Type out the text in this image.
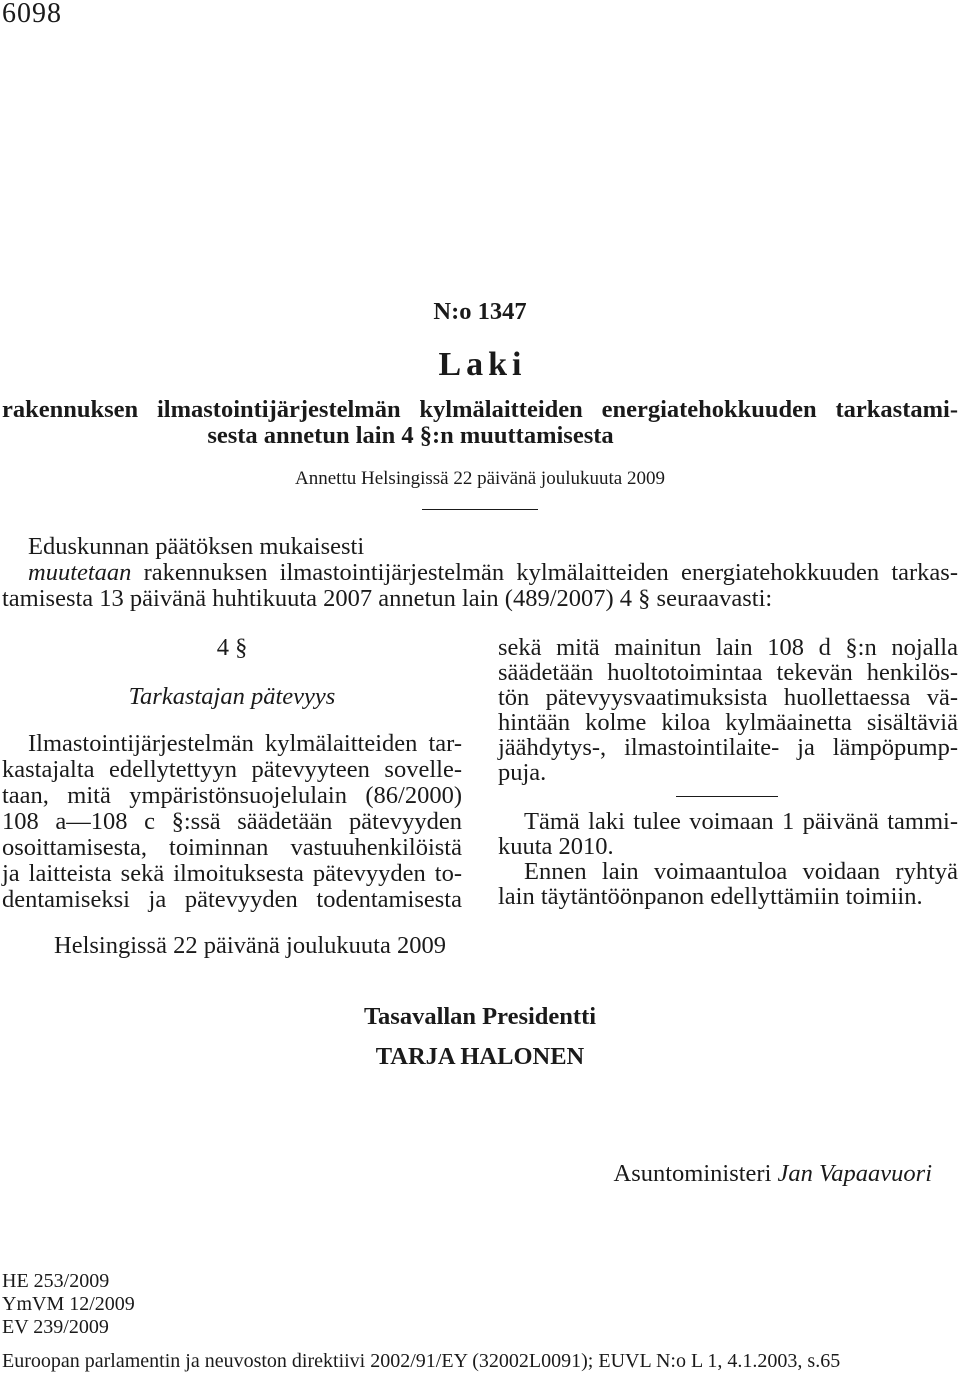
6098
N:o 1347
Laki
rakennuksen ilmastointijärjestelmän kylmälaitteiden energiatehokkuuden tarkastami-
sesta annetun lain 4 §:n muuttamisesta
Annettu Helsingissä 22 päivänä joulukuuta 2009
Eduskunnan päätöksen mukaisesti
muutetaan rakennuksen ilmastointijärjestelmän kylmälaitteiden energiatehokkuuden tarkas-
tamisesta 13 päivänä huhtikuuta 2007 annetun lain (489/2007) 4 § seuraavasti:
4 §
Tarkastajan pätevyys
Ilmastointijärjestelmän kylmälaitteiden tar-
kastajalta edellytettyyn pätevyyteen sovelle-
taan, mitä ympäristönsuojelulain (86/2000)
108 a—108 c §:ssä säädetään pätevyyden
osoittamisesta, toiminnan vastuuhenkilöistä
ja laitteista sekä ilmoituksesta pätevyyden to-
dentamiseksi ja pätevyyden todentamisesta
sekä mitä mainitun lain 108 d §:n nojalla
säädetään huoltotoimintaa tekevän henkilös-
tön pätevyysvaatimuksista huollettaessa vä-
hintään kolme kiloa kylmäainetta sisältäviä
jäähdytys-, ilmastointilaite- ja lämpöpump-
puja.
Tämä laki tulee voimaan 1 päivänä tammi-
kuuta 2010.
Ennen lain voimaantuloa voidaan ryhtyä
lain täytäntöönpanon edellyttämiin toimiin.
Helsingissä 22 päivänä joulukuuta 2009
Tasavallan Presidentti
TARJA HALONEN
Asuntoministeri Jan Vapaavuori
HE 253/2009
YmVM 12/2009
EV 239/2009
Euroopan parlamentin ja neuvoston direktiivi 2002/91/EY (32002L0091); EUVL N:o L 1, 4.1.2003, s.65
